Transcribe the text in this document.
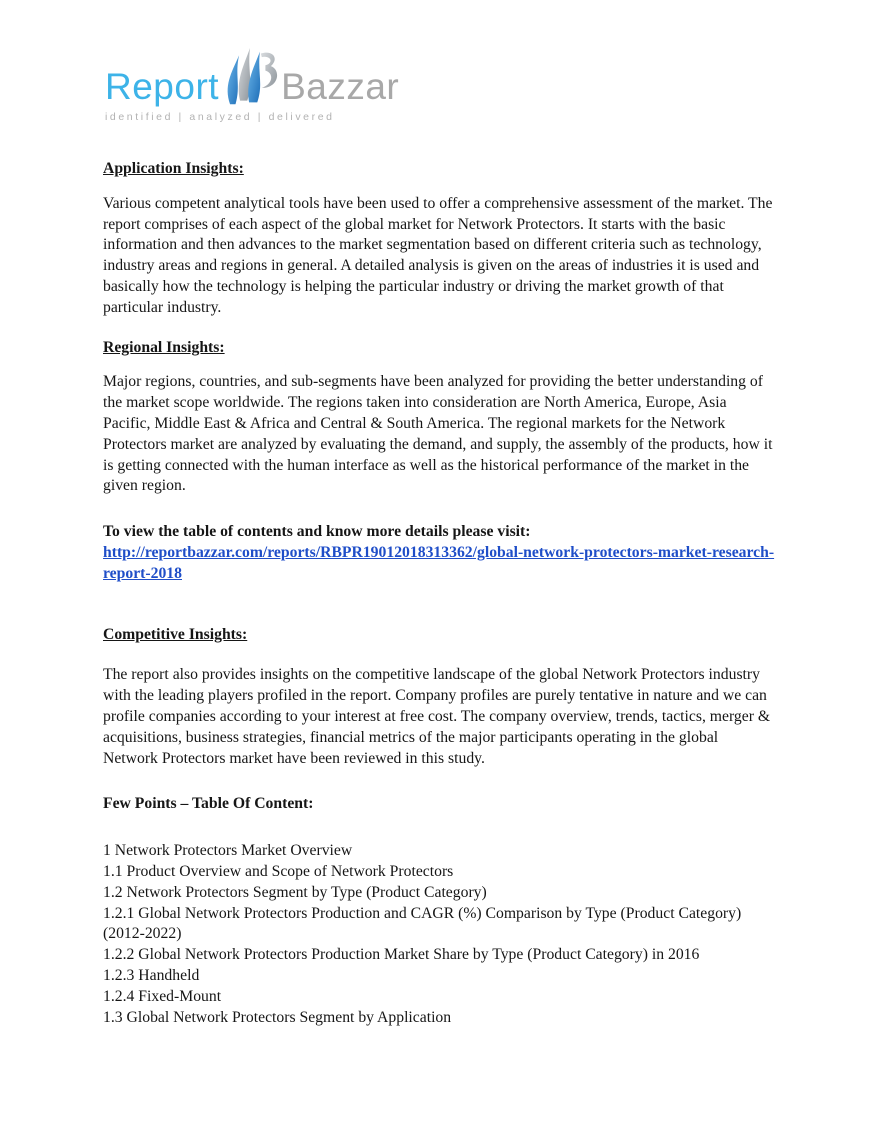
Report Bazzar
identified | analyzed | delivered
Application Insights:
Various competent analytical tools have been used to offer a comprehensive assessment of the market. The report comprises of each aspect of the global market for Network Protectors. It starts with the basic information and then advances to the market segmentation based on different criteria such as technology, industry areas and regions in general. A detailed analysis is given on the areas of industries it is used and basically how the technology is helping the particular industry or driving the market growth of that particular industry.
Regional Insights:
Major regions, countries, and sub-segments have been analyzed for providing the better understanding of the market scope worldwide. The regions taken into consideration are North America, Europe, Asia Pacific, Middle East & Africa and Central & South America. The regional markets for the Network Protectors market are analyzed by evaluating the demand, and supply, the assembly of the products, how it is getting connected with the human interface as well as the historical performance of the market in the given region.
To view the table of contents and know more details please visit:
http://reportbazzar.com/reports/RBPR19012018313362/global-network-protectors-market-research-report-2018
Competitive Insights:
The report also provides insights on the competitive landscape of the global Network Protectors industry with the leading players profiled in the report. Company profiles are purely tentative in nature and we can profile companies according to your interest at free cost. The company overview, trends, tactics, merger & acquisitions, business strategies, financial metrics of the major participants operating in the global Network Protectors market have been reviewed in this study.
Few Points – Table Of Content:
1 Network Protectors Market Overview
1.1 Product Overview and Scope of Network Protectors
1.2 Network Protectors Segment by Type (Product Category)
1.2.1 Global Network Protectors Production and CAGR (%) Comparison by Type (Product Category) (2012-2022)
1.2.2 Global Network Protectors Production Market Share by Type (Product Category) in 2016
1.2.3 Handheld
1.2.4 Fixed-Mount
1.3 Global Network Protectors Segment by Application
